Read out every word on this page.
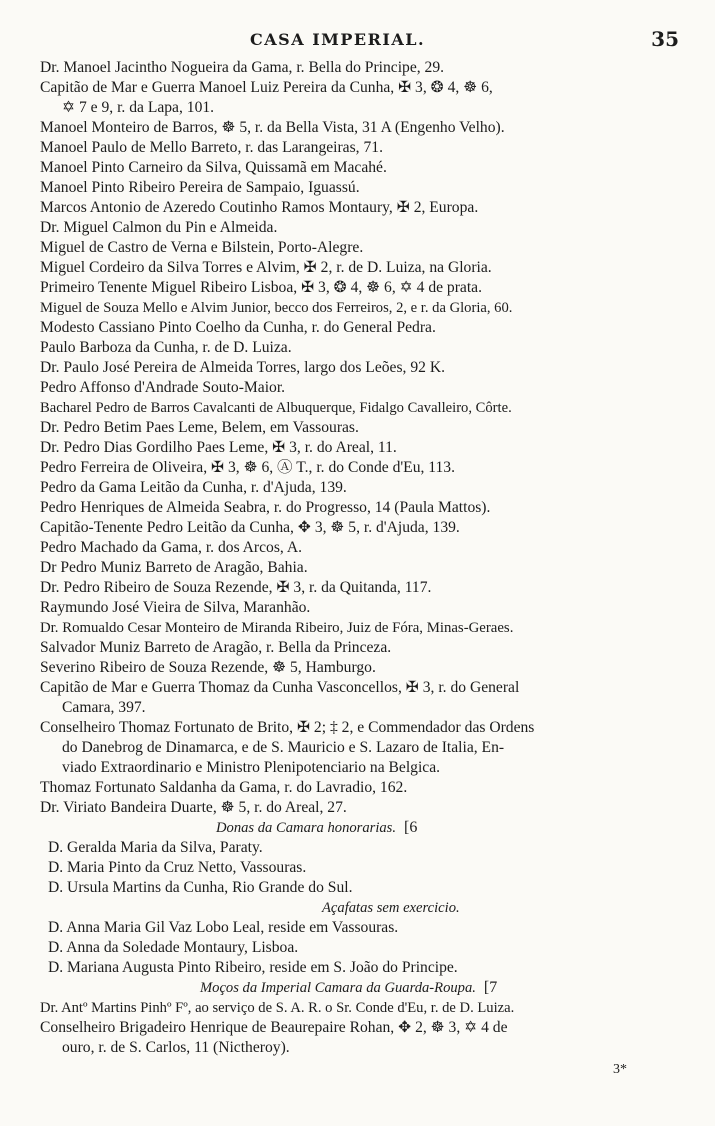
CASA IMPERIAL.	35
Dr. Manoel Jacintho Nogueira da Gama, r. Bella do Principe, 29.
Capitão de Mar e Guerra Manoel Luiz Pereira da Cunha, ✠ 3, ❂ 4, ☸ 6,
✡ 7 e 9, r. da Lapa, 101.
Manoel Monteiro de Barros, ☸ 5, r. da Bella Vista, 31 A (Engenho Velho).
Manoel Paulo de Mello Barreto, r. das Larangeiras, 71.
Manoel Pinto Carneiro da Silva, Quissamã em Macahé.
Manoel Pinto Ribeiro Pereira de Sampaio, Iguassú.
Marcos Antonio de Azeredo Coutinho Ramos Montaury, ✠ 2, Europa.
Dr. Miguel Calmon du Pin e Almeida.
Miguel de Castro de Verna e Bilstein, Porto-Alegre.
Miguel Cordeiro da Silva Torres e Alvim, ✠ 2, r. de D. Luiza, na Gloria.
Primeiro Tenente Miguel Ribeiro Lisboa, ✠ 3, ❂ 4, ☸ 6, ✡ 4 de prata.
Miguel de Souza Mello e Alvim Junior, becco dos Ferreiros, 2, e r. da Gloria, 60.
Modesto Cassiano Pinto Coelho da Cunha, r. do General Pedra.
Paulo Barboza da Cunha, r. de D. Luiza.
Dr. Paulo José Pereira de Almeida Torres, largo dos Leões, 92 K.
Pedro Affonso d'Andrade Souto-Maior.
Bacharel Pedro de Barros Cavalcanti de Albuquerque, Fidalgo Cavalleiro, Côrte.
Dr. Pedro Betim Paes Leme, Belem, em Vassouras.
Dr. Pedro Dias Gordilho Paes Leme, ✠ 3, r. do Areal, 11.
Pedro Ferreira de Oliveira, ✠ 3, ☸ 6, Ⓐ T., r. do Conde d'Eu, 113.
Pedro da Gama Leitão da Cunha, r. d'Ajuda, 139.
Pedro Henriques de Almeida Seabra, r. do Progresso, 14 (Paula Mattos).
Capitão-Tenente Pedro Leitão da Cunha, ✥ 3, ☸ 5, r. d'Ajuda, 139.
Pedro Machado da Gama, r. dos Arcos, A.
Dr Pedro Muniz Barreto de Aragão, Bahia.
Dr. Pedro Ribeiro de Souza Rezende, ✠ 3, r. da Quitanda, 117.
Raymundo José Vieira de Silva, Maranhão.
Dr. Romualdo Cesar Monteiro de Miranda Ribeiro, Juiz de Fóra, Minas-Geraes.
Salvador Muniz Barreto de Aragão, r. Bella da Princeza.
Severino Ribeiro de Souza Rezende, ☸ 5, Hamburgo.
Capitão de Mar e Guerra Thomaz da Cunha Vasconcellos, ✠ 3, r. do General
Camara, 397.
Conselheiro Thomaz Fortunato de Brito, ✠ 2; ‡ 2, e Commendador das Ordens
do Danebrog de Dinamarca, e de S. Mauricio e S. Lazaro de Italia, En-
viado Extraordinario e Ministro Plenipotenciario na Belgica.
Thomaz Fortunato Saldanha da Gama, r. do Lavradio, 162.
Dr. Viriato Bandeira Duarte, ☸ 5, r. do Areal, 27.
Donas da Camara honorarias. [6
D. Geralda Maria da Silva, Paraty.
D. Maria Pinto da Cruz Netto, Vassouras.
D. Ursula Martins da Cunha, Rio Grande do Sul.
Açafatas sem exercicio.
D. Anna Maria Gil Vaz Lobo Leal, reside em Vassouras.
D. Anna da Soledade Montaury, Lisboa.
D. Mariana Augusta Pinto Ribeiro, reside em S. João do Principe.
Moços da Imperial Camara da Guarda-Roupa. [7
Dr. Antº Martins Pinhº Fº, ao serviço de S. A. R. o Sr. Conde d'Eu, r. de D. Luiza.
Conselheiro Brigadeiro Henrique de Beaurepaire Rohan, ✥ 2, ☸ 3, ✡ 4 de
ouro, r. de S. Carlos, 11 (Nictheroy).
3*
